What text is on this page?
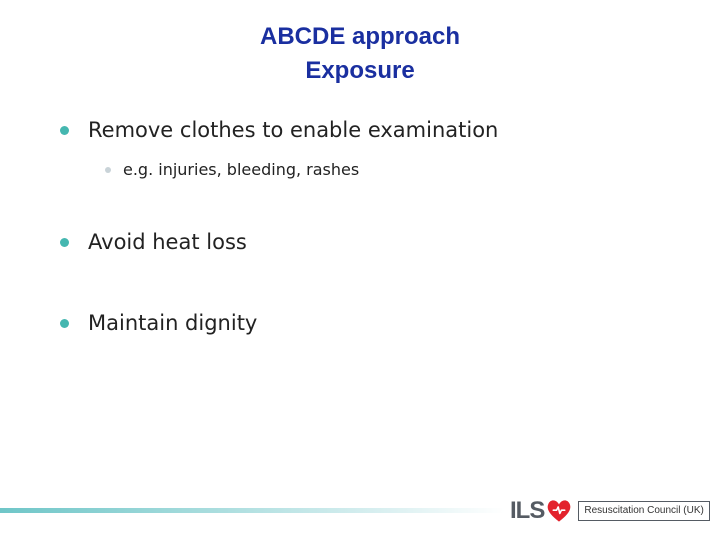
ABCDE approach
Exposure
Remove clothes to enable examination
e.g. injuries, bleeding, rashes
Avoid heat loss
Maintain dignity
ILS	Resuscitation Council (UK)
